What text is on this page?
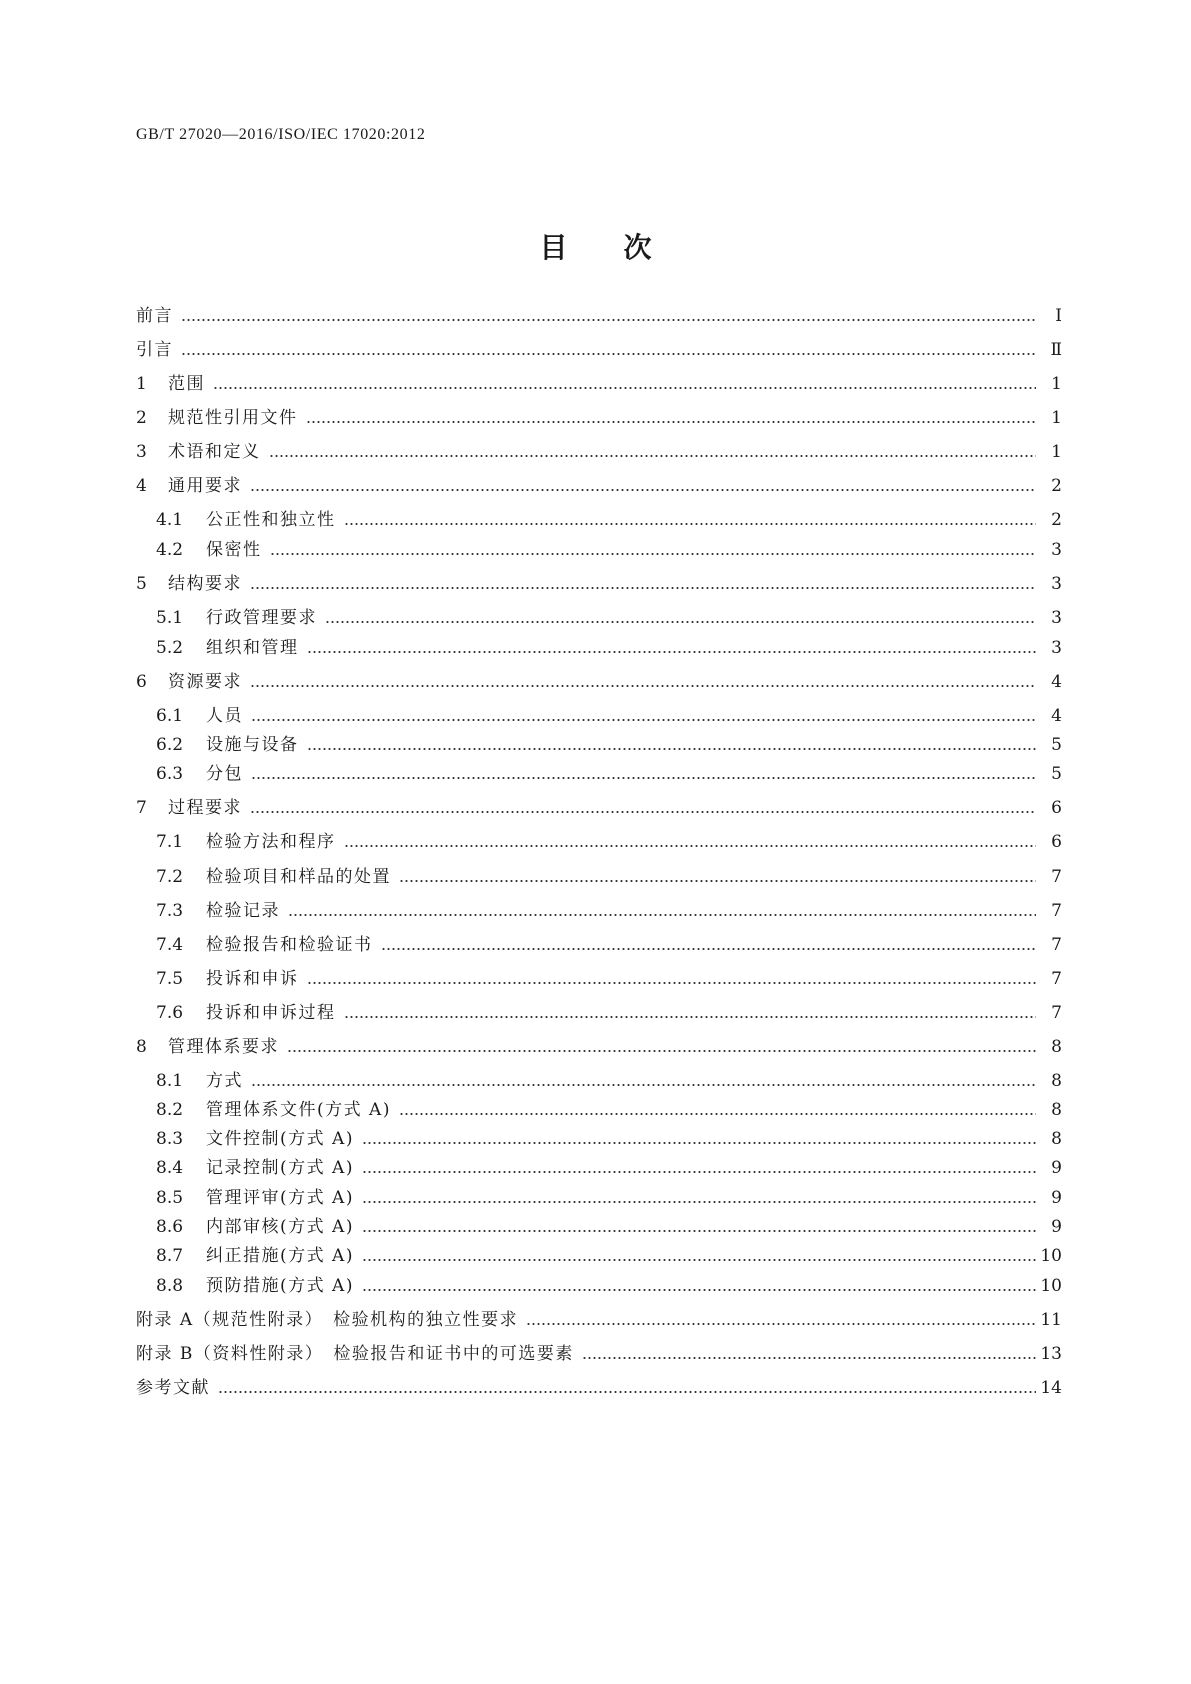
GB/T 27020—2016/ISO/IEC 17020:2012
目　　次
前言	Ⅰ
引言	Ⅱ
1	范围	1
2	规范性引用文件	1
3	术语和定义	1
4	通用要求	2
4.1	公正性和独立性	2
4.2	保密性	3
5	结构要求	3
5.1	行政管理要求	3
5.2	组织和管理	3
6	资源要求	4
6.1	人员	4
6.2	设施与设备	5
6.3	分包	5
7	过程要求	6
7.1	检验方法和程序	6
7.2	检验项目和样品的处置	7
7.3	检验记录	7
7.4	检验报告和检验证书	7
7.5	投诉和申诉	7
7.6	投诉和申诉过程	7
8	管理体系要求	8
8.1	方式	8
8.2	管理体系文件(方式 A)	8
8.3	文件控制(方式 A)	8
8.4	记录控制(方式 A)	9
8.5	管理评审(方式 A)	9
8.6	内部审核(方式 A)	9
8.7	纠正措施(方式 A)	10
8.8	预防措施(方式 A)	10
附录 A（规范性附录）　检验机构的独立性要求	11
附录 B（资料性附录）　检验报告和证书中的可选要素	13
参考文献	14
